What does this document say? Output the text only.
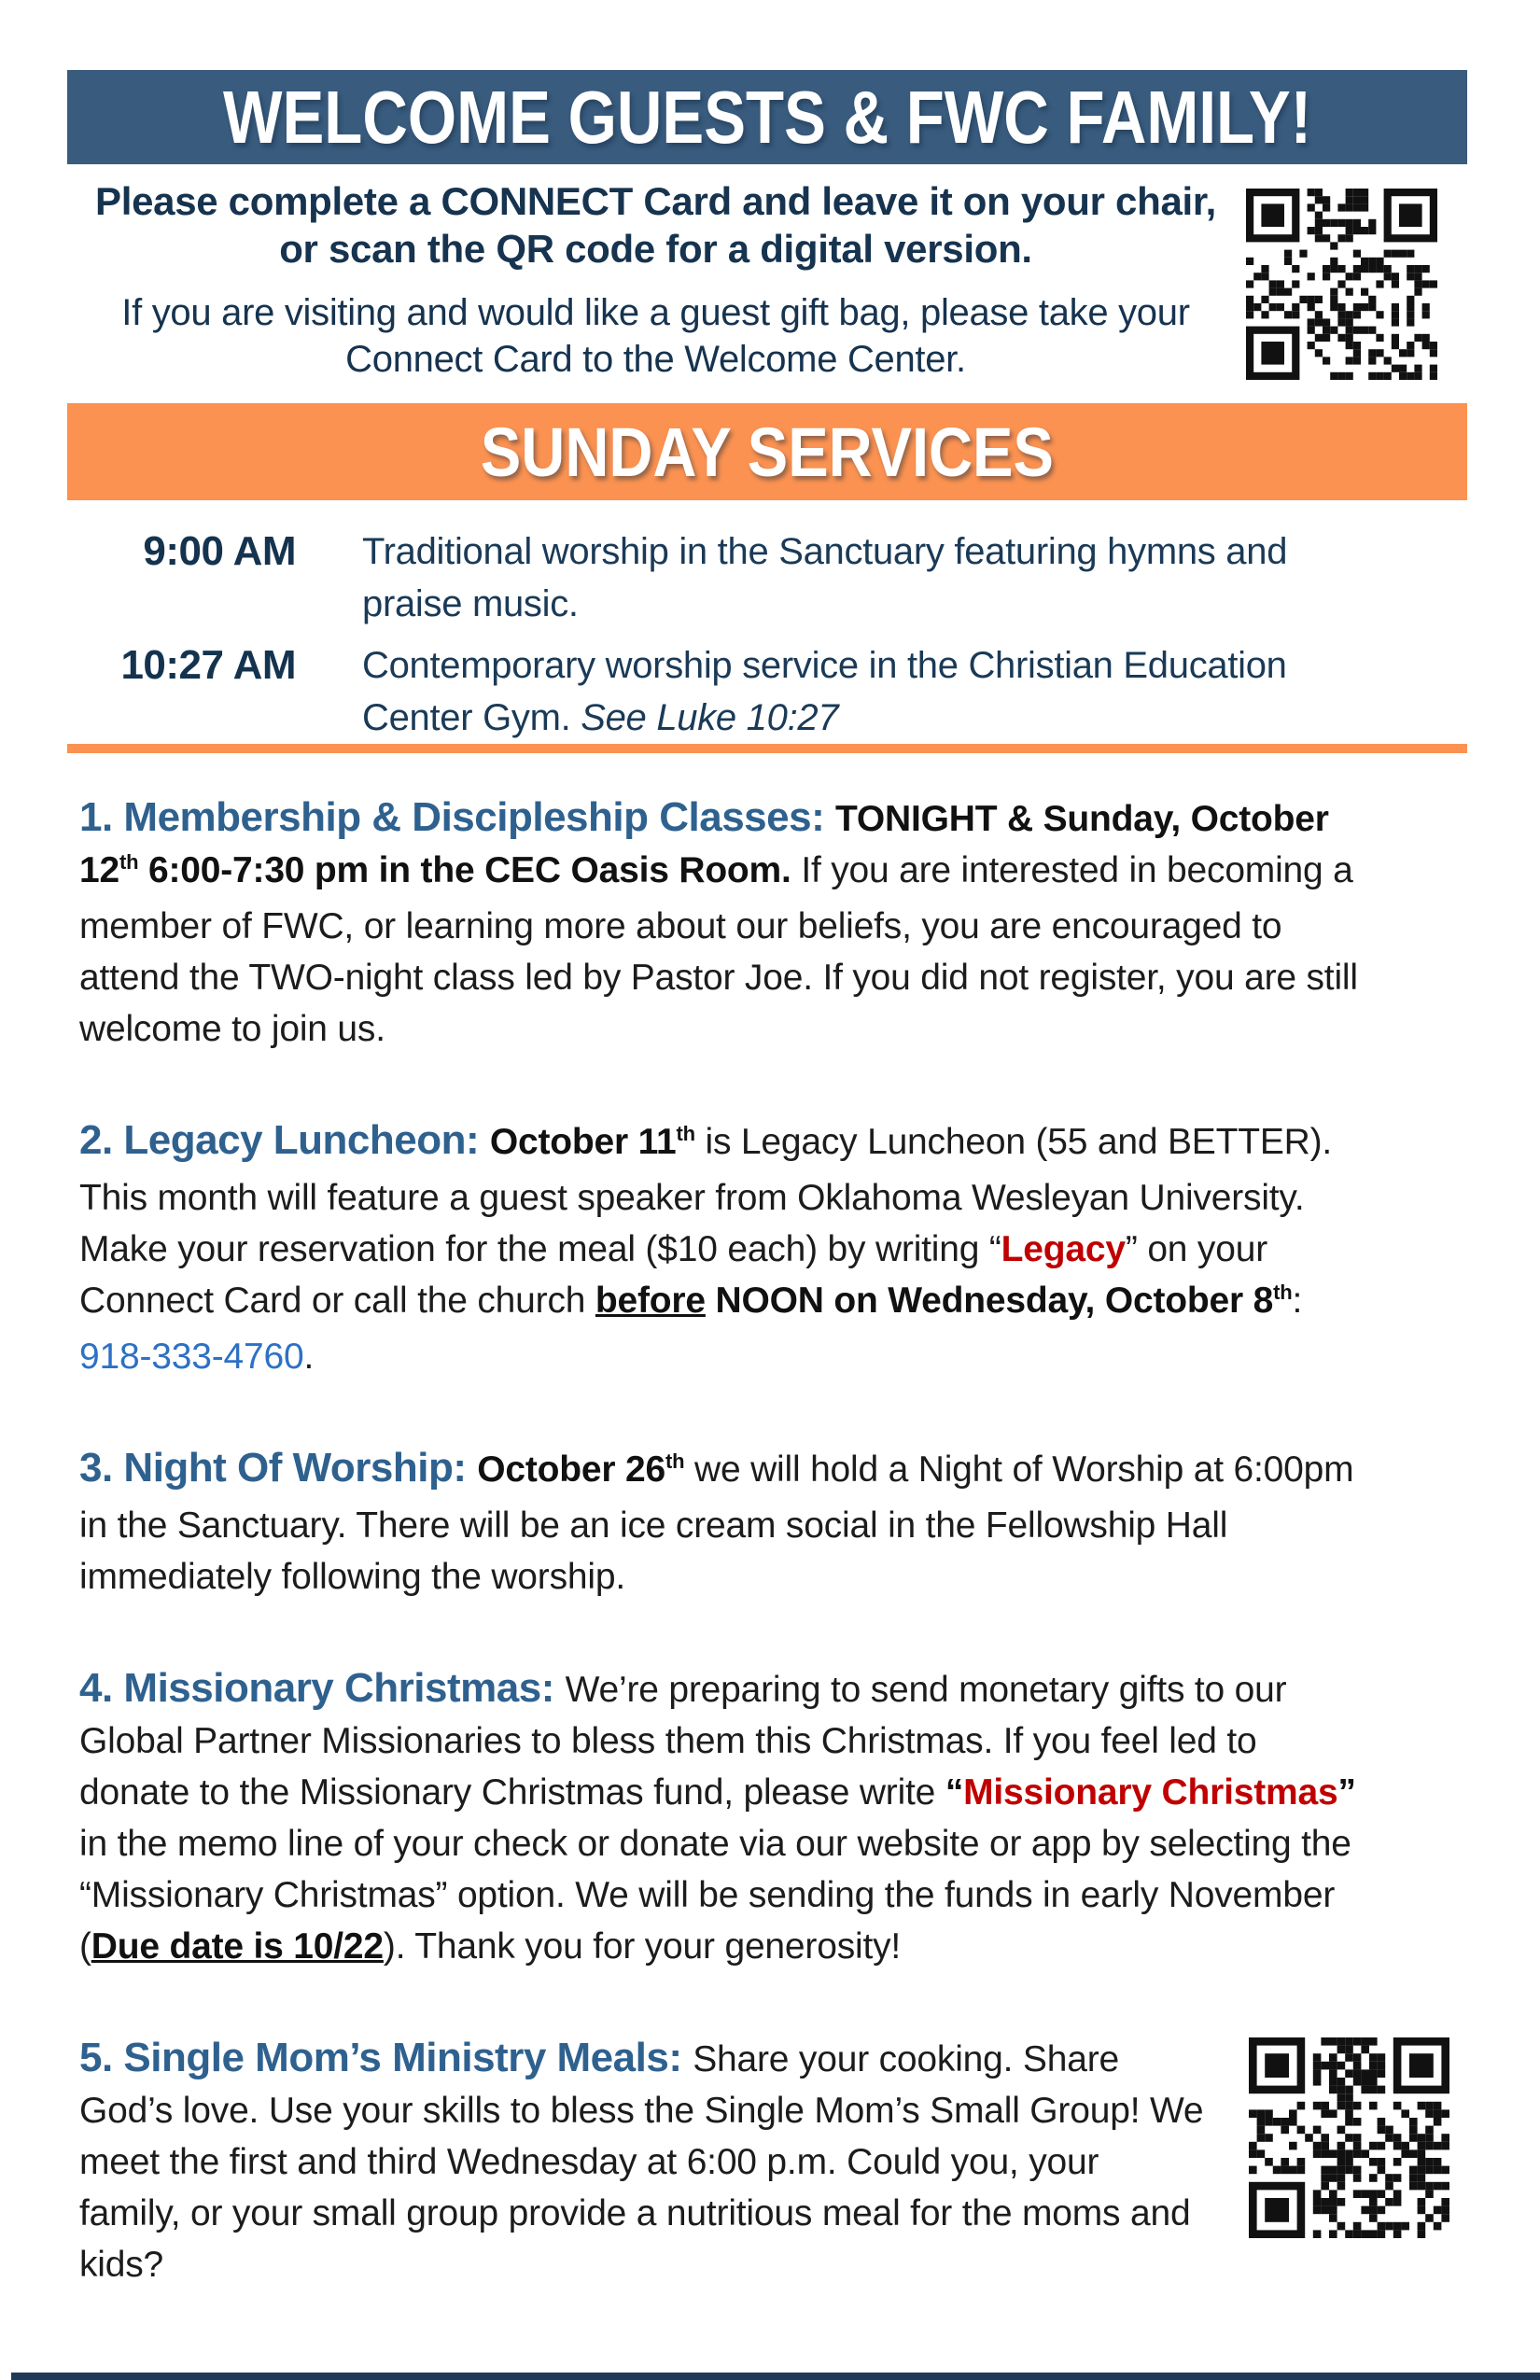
WELCOME GUESTS & FWC FAMILY!

Please complete a CONNECT Card and leave it on your chair, or scan the QR code for a digital version.

If you are visiting and would like a guest gift bag, please take your Connect Card to the Welcome Center.

SUNDAY SERVICES
9:00 AM Traditional worship in the Sanctuary featuring hymns and praise music.
10:27 AM Contemporary worship service in the Christian Education Center Gym. See Luke 10:27

1. Membership & Discipleship Classes: TONIGHT & Sunday, October 12th 6:00-7:30 pm in the CEC Oasis Room. If you are interested in becoming a member of FWC, or learning more about our beliefs, you are encouraged to attend the TWO-night class led by Pastor Joe. If you did not register, you are still welcome to join us.

2. Legacy Luncheon: October 11th is Legacy Luncheon (55 and BETTER). This month will feature a guest speaker from Oklahoma Wesleyan University. Make your reservation for the meal ($10 each) by writing “Legacy” on your Connect Card or call the church before NOON on Wednesday, October 8th: 918-333-4760.

3. Night Of Worship: October 26th we will hold a Night of Worship at 6:00pm in the Sanctuary. There will be an ice cream social in the Fellowship Hall immediately following the worship.

4. Missionary Christmas: We’re preparing to send monetary gifts to our Global Partner Missionaries to bless them this Christmas. If you feel led to donate to the Missionary Christmas fund, please write “Missionary Christmas” in the memo line of your check or donate via our website or app by selecting the “Missionary Christmas” option. We will be sending the funds in early November (Due date is 10/22). Thank you for your generosity!

5. Single Mom’s Ministry Meals: Share your cooking. Share God’s love. Use your skills to bless the Single Mom’s Small Group! We meet the first and third Wednesday at 6:00 p.m. Could you, your family, or your small group provide a nutritious meal for the moms and kids?
